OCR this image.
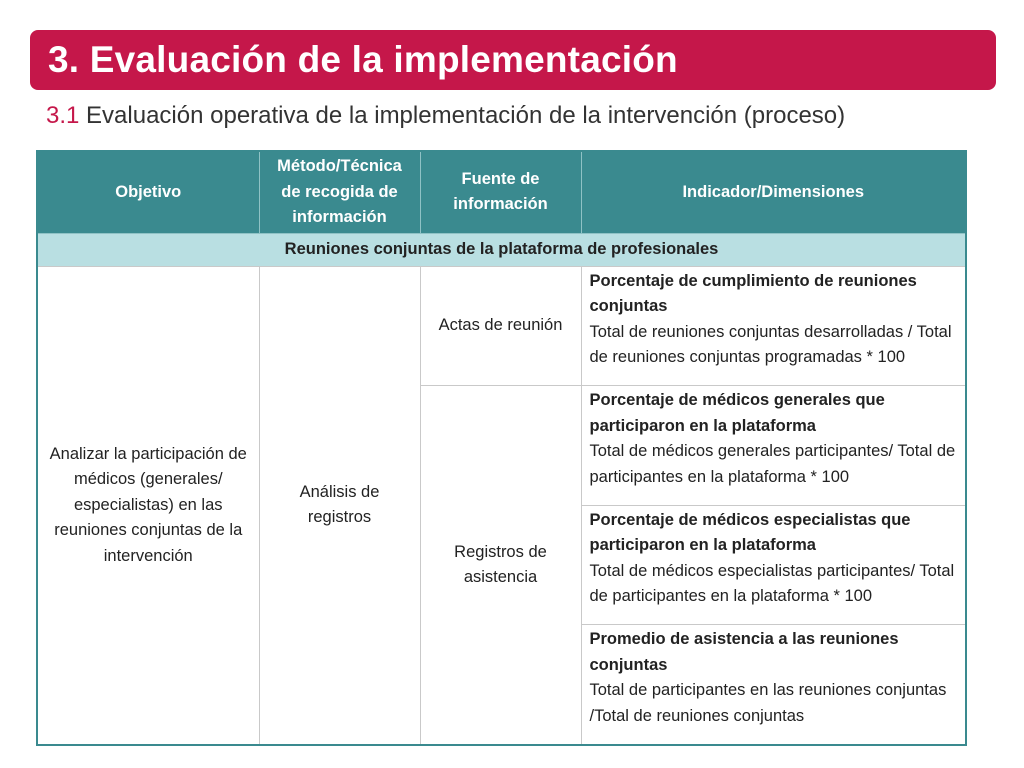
3. Evaluación de la implementación
3.1 Evaluación operativa de la implementación de la intervención (proceso)
Objetivo	Método/Técnica de recogida de información	Fuente de información	Indicador/Dimensiones
Reuniones conjuntas de la plataforma de profesionales			
Analizar la participación de médicos (generales/ especialistas) en las reuniones conjuntas de la intervención	Análisis de registros	Actas de reunión	Porcentaje de cumplimiento de reuniones conjuntas
Total de reuniones conjuntas desarrolladas / Total de reuniones conjuntas programadas * 100

		Registros de asistencia	Porcentaje de médicos generales que participaron en la plataforma
Total de médicos generales participantes/ Total de participantes en la plataforma * 100

			Porcentaje de médicos especialistas que participaron en la plataforma
Total de médicos especialistas participantes/ Total de participantes en la plataforma * 100

			Promedio de asistencia a las reuniones conjuntas
Total de participantes en las reuniones conjuntas /Total de reuniones conjuntas
